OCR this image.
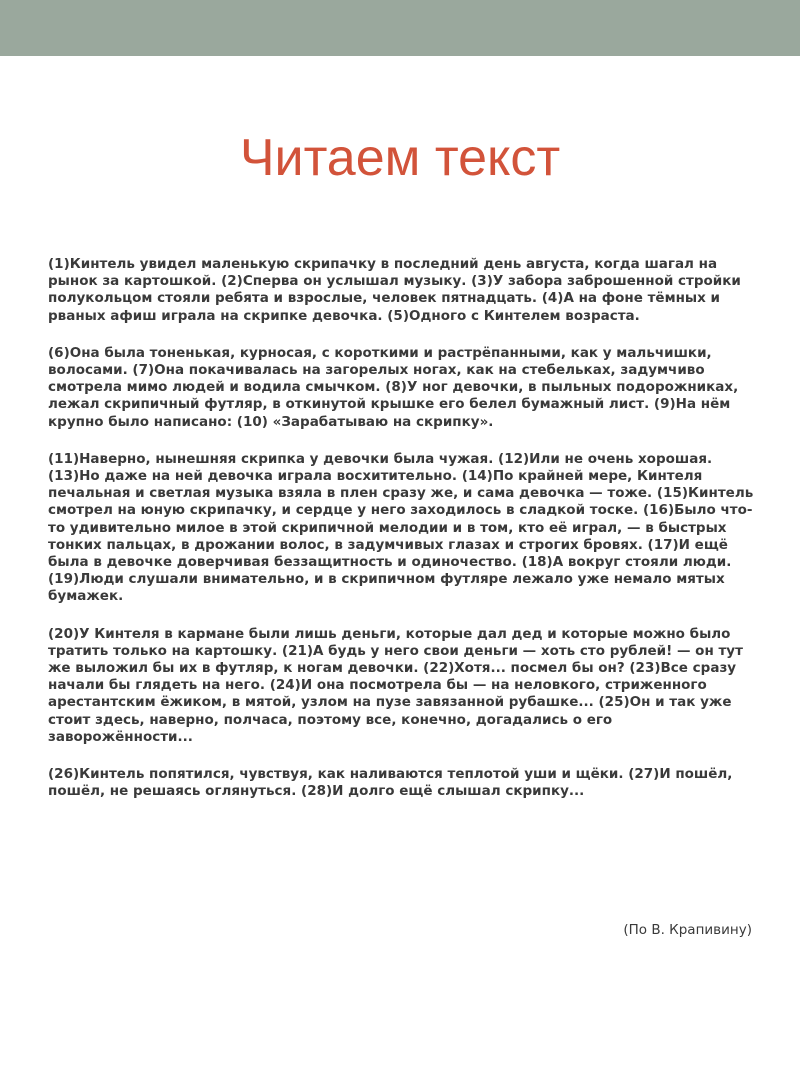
Читаем текст

(1)Кинтель увидел маленькую скрипачку в последний день августа, когда шагал на рынок за картошкой. (2)Сперва он услышал музыку. (3)У забора заброшенной стройки полукольцом стояли ребята и взрослые, человек пятнадцать. (4)А на фоне тёмных и рваных афиш играла на скрипке девочка. (5)Одного с Кинтелем возраста.

(6)Она была тоненькая, курносая, с короткими и растрёпанными, как у мальчишки, волосами. (7)Она покачивалась на загорелых ногах, как на стебельках, задумчиво смотрела мимо людей и водила смычком. (8)У ног девочки, в пыльных подорожниках, лежал скрипичный футляр, в откинутой крышке его белел бумажный лист. (9)На нём крупно было написано: (10) «Зарабатываю на скрипку».

(11)Наверно, нынешняя скрипка у девочки была чужая. (12)Или не очень хорошая. (13)Но даже на ней девочка играла восхитительно. (14)По крайней мере, Кинтеля печальная и светлая музыка взяла в плен сразу же, и сама девочка — тоже. (15)Кинтель смотрел на юную скрипачку, и сердце у него заходилось в сладкой тоске. (16)Было что-то удивительно милое в этой скрипичной мелодии и в том, кто её играл, — в быстрых тонких пальцах, в дрожании волос, в задумчивых глазах и строгих бровях. (17)И ещё была в девочке доверчивая беззащитность и одиночество. (18)А вокруг стояли люди. (19)Люди слушали внимательно, и в скрипичном футляре лежало уже немало мятых бумажек.

(20)У Кинтеля в кармане были лишь деньги, которые дал дед и которые можно было тратить только на картошку. (21)А будь у него свои деньги — хоть сто рублей! — он тут же выложил бы их в футляр, к ногам девочки. (22)Хотя... посмел бы он? (23)Все сразу начали бы глядеть на него. (24)И она посмотрела бы — на неловкого, стриженного арестантским ёжиком, в мятой, узлом на пузе завязанной рубашке... (25)Он и так уже стоит здесь, наверно, полчаса, поэтому все, конечно, догадались о его заворожённости...

(26)Кинтель попятился, чувствуя, как наливаются теплотой уши и щёки. (27)И пошёл, пошёл, не решаясь оглянуться. (28)И долго ещё слышал скрипку...

(По В. Крапивину)
